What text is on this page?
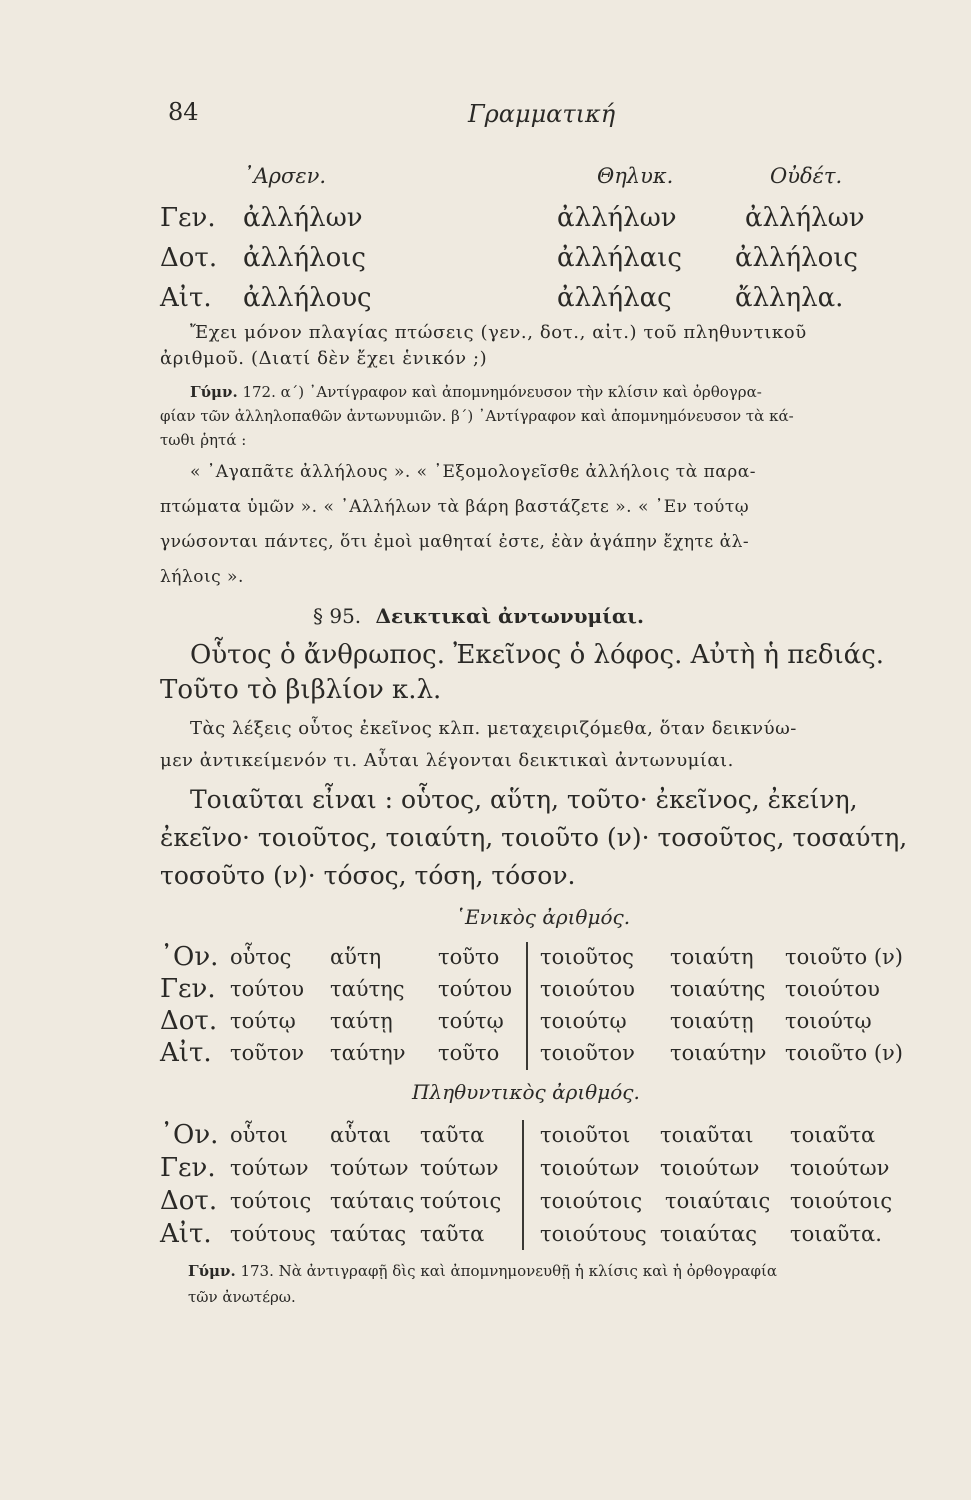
84	Γραμματική
᾿Αρσεν.	Θηλυκ.	Οὐδέτ.
Γεν. ἀλλήλων	ἀλλήλων	ἀλλήλων
Δοτ. ἀλλήλοις	ἀλλήλαις ἀλλήλοις
Αἰτ. ἀλλήλους	ἀλλήλας ἄλληλα.
Ἔχει μόνον πλαγίας πτώσεις (γεν., δοτ., αἰτ.) τοῦ πληθυντικοῦ
ἀριθμοῦ. (Διατί δὲν ἔχει ἑνικόν ;)
Γύμν. 172. α΄) ᾿Αντίγραφον καὶ ἀπομνημόνευσον τὴν κλίσιν καὶ ὀρθογρα-
φίαν τῶν ἀλληλοπαθῶν ἀντωνυμιῶν. β΄) ᾿Αντίγραφον καὶ ἀπομνημόνευσον τὰ κά-
τωθι ῥητά :
« ᾿Αγαπᾶτε ἀλλήλους ». « ᾿Εξομολογεῖσθε ἀλλήλοις τὰ παρα-
πτώματα ὑμῶν ». « ᾿Αλλήλων τὰ βάρη βαστάζετε ». « ᾿Εν τούτῳ
γνώσονται πάντες, ὅτι ἐμοὶ μαθηταί ἐστε, ἐὰν ἀγάπην ἔχητε ἀλ-
λήλοις ».
§ 95. Δεικτικαὶ ἀντωνυμίαι.
Οὗτος ὁ ἄνθρωπος. Ἐκεῖνος ὁ λόφος. Αὐτὴ ἡ πεδιάς.
Τοῦτο τὸ βιβλίον κ.λ.
Τὰς λέξεις οὗτος ἐκεῖνος κλπ. μεταχειριζόμεθα, ὅταν δεικνύω-
μεν ἀντικείμενόν τι. Αὗται λέγονται δεικτικαὶ ἀντωνυμίαι.
Τοιαῦται εἶναι : οὗτος, αὕτη, τοῦτο· ἐκεῖνος, ἐκείνη,
ἐκεῖνο· τοιοῦτος, τοιαύτη, τοιοῦτο (ν)· τοσοῦτος, τοσαύτη,
τοσοῦτο (ν)· τόσος, τόση, τόσον.
῾Ενικὸς ἀριθμός.
᾿Ον. οὗτος αὕτη	τοῦτο τοιοῦτος τοιαύτη τοιοῦτο (ν)
Γεν. τούτου ταύτης τούτου τοιούτου τοιαύτης τοιούτου
Δοτ. τούτῳ ταύτῃ τούτῳ τοιούτῳ τοιαύτῃ τοιούτῳ
Αἰτ. τοῦτον ταύτην τοῦτο τοιοῦτον τοιαύτην τοιοῦτο (ν)
Πληθυντικὸς ἀριθμός.
᾿Ον. οὗτοι αὗται ταῦτα	τοιοῦτοι τοιαῦται τοιαῦτα
Γεν. τούτων τούτων τούτων τοιούτων τοιούτων τοιούτων
Δοτ. τούτοις ταύταις τούτοις τοιούτοις τοιαύταις τοιούτοις
Αἰτ. τούτους ταύτας ταῦτα	τοιούτους τοιαύτας τοιαῦτα.
Γύμν. 173. Νὰ ἀντιγραφῇ δὶς καὶ ἀπομνημονευθῇ ἡ κλίσις καὶ ἡ ὀρθογραφία
τῶν ἀνωτέρω.
